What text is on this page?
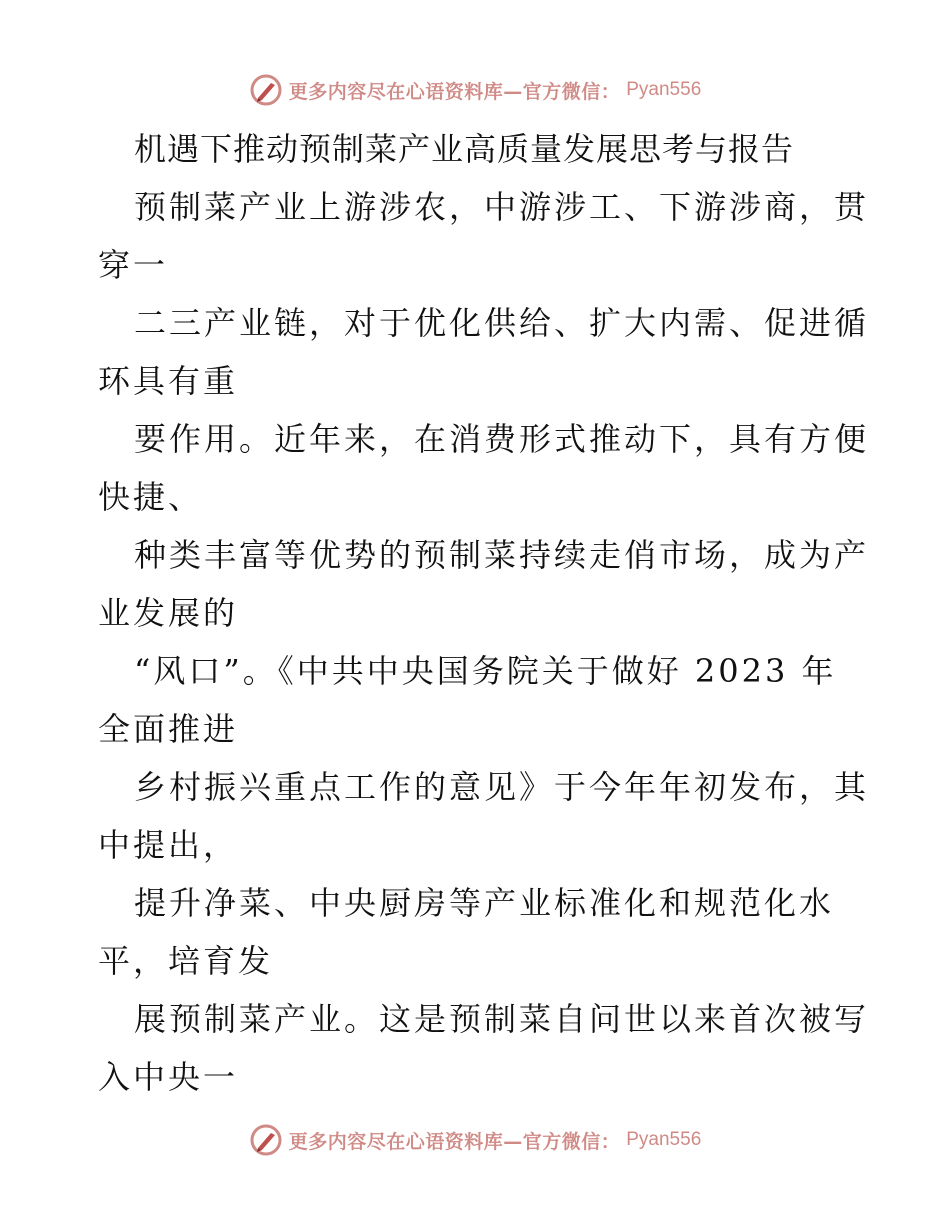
更多内容尽在心语资料库—官方微信： Pyan556

机遇下推动预制菜产业高质量发展思考与报告

预制菜产业上游涉农，中游涉工、下游涉商，贯
穿一

二三产业链，对于优化供给、扩大内需、促进循
环具有重

要作用。近年来，在消费形式推动下，具有方便
快捷、

种类丰富等优势的预制菜持续走俏市场，成为产
业发展的

“风口”。《中共中央国务院关于做好 2023 年
全面推进

乡村振兴重点工作的意见》于今年年初发布，其
中提出，

提升净菜、中央厨房等产业标准化和规范化水
平，培育发

展预制菜产业。这是预制菜自问世以来首次被写
入中央一

更多内容尽在心语资料库—官方微信： Pyan556
